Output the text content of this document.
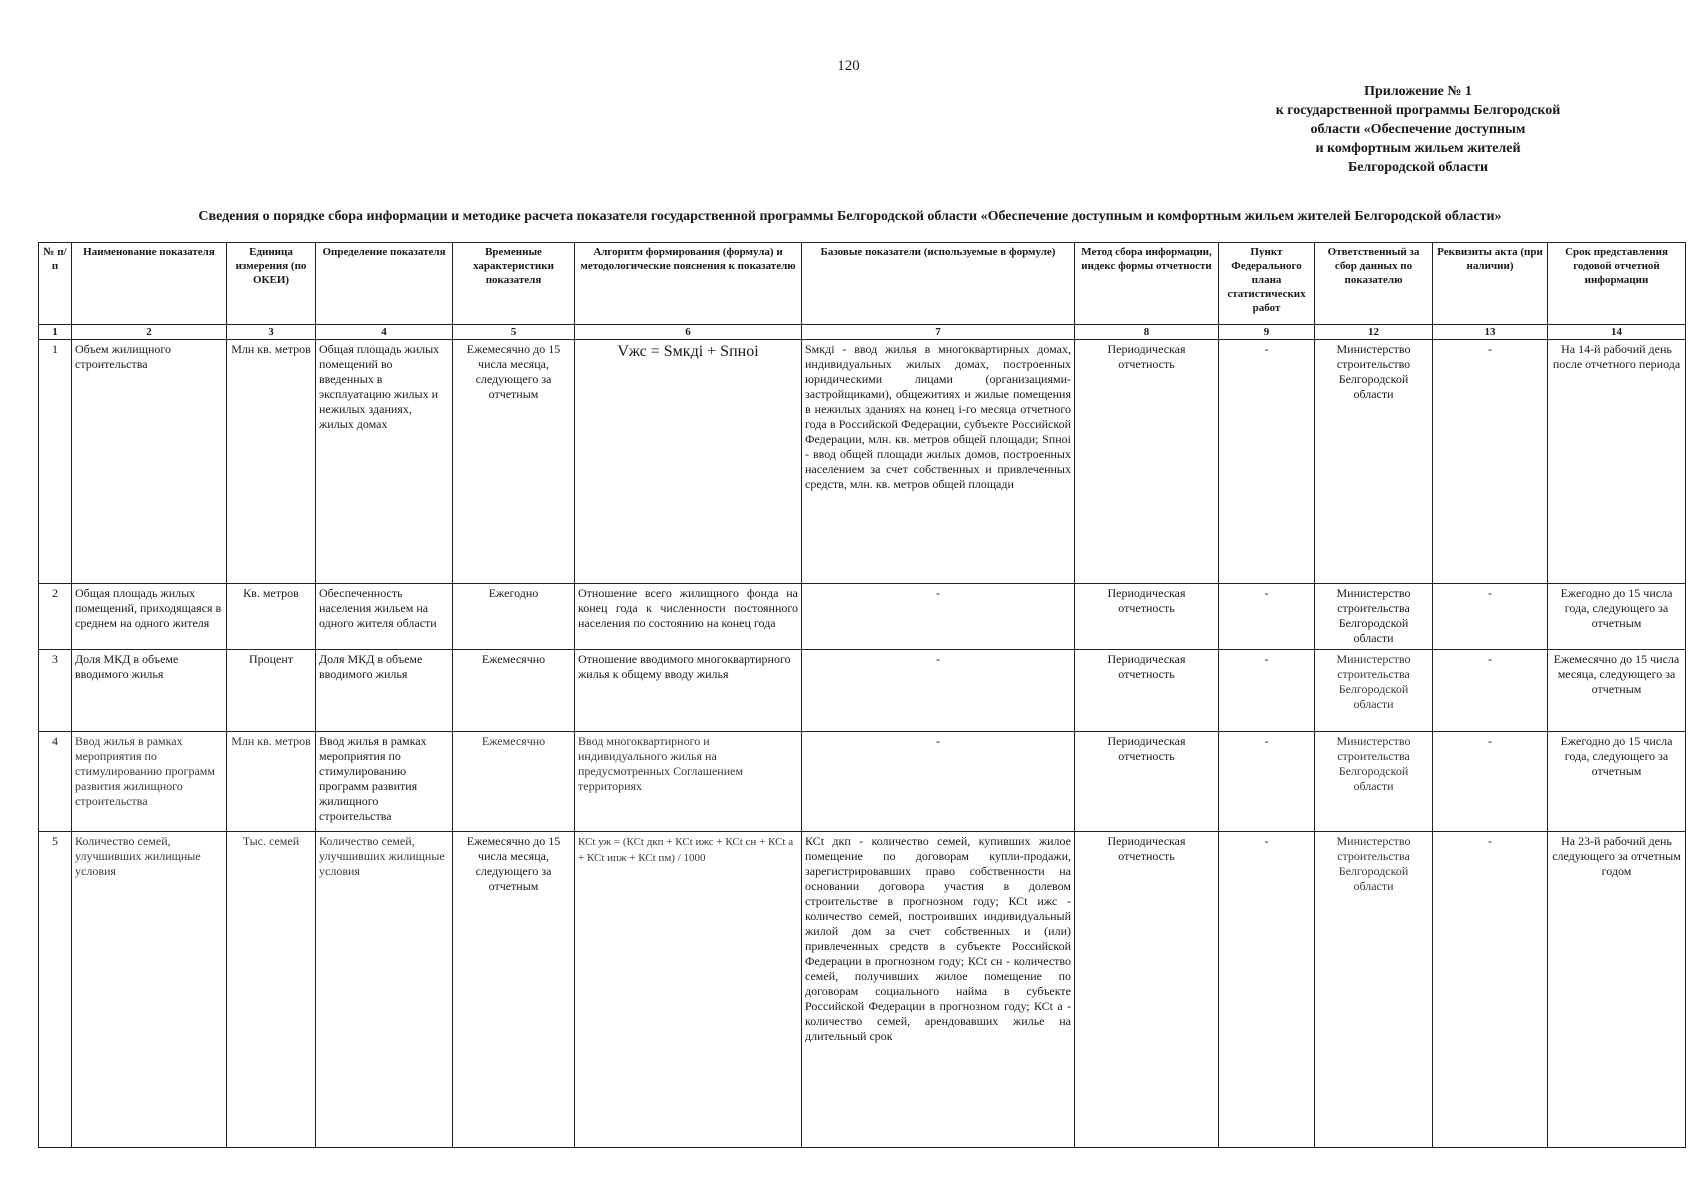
120
Приложение № 1
к государственной программы Белгородской
области «Обеспечение доступным
и комфортным жильем жителей
Белгородской области
Сведения о порядке сбора информации и методике расчета показателя государственной программы Белгородской области «Обеспечение доступным и комфортным жильем жителей Белгородской области»
№ п/п	Наименование показателя	Единица измерения (по ОКЕИ)	Определение показателя	Временные характеристики показателя	Алгоритм формирования (формула) и методологические пояснения к показателю	Базовые показатели (используемые в формуле)	Метод сбора информации, индекс формы отчетности	Пункт Федерального плана статистических работ	Ответственный за сбор данных по показателю	Реквизиты акта (при наличии)	Срок представления годовой отчетной информации
1	2	3	4	5	6	7	8	9	12	13	14
1	Объем жилищного строительства	Млн кв. метров	Общая площадь жилых помещений во введенных в эксплуатацию жилых и нежилых зданиях, жилых домах	Ежемесячно до 15 числа месяца, следующего за отчетным	Vжс = Sмкдi + Sпнoi	Sмкдi - ввод жилья в многоквартирных домах, индивидуальных жилых домах, построенных юридическими лицами (организациями-застройщиками), общежитиях и жилые помещения в нежилых зданиях на конец i-го месяца отчетного года в Российской Федерации, субъекте Российской Федерации, млн. кв. метров общей площади; Sпнoi - ввод общей площади жилых домов, построенных населением за счет собственных и привлеченных средств, млн. кв. метров общей площади	Периодическая отчетность	-	Министерство строительство Белгородской области	-	На 14-й рабочий день после отчетного периода
2	Общая площадь жилых помещений, приходящаяся в среднем на одного жителя	Кв. метров	Обеспеченность населения жильем на одного жителя области	Ежегодно	Отношение всего жилищного фонда на конец года к численности постоянного населения по состоянию на конец года	-	Периодическая отчетность	-	Министерство строительства Белгородской области	-	Ежегодно до 15 числа года, следующего за отчетным
3	Доля МКД в объеме вводимого жилья	Процент	Доля МКД в объеме вводимого жилья	Ежемесячно	Отношение вводимого многоквартирного жилья к общему вводу жилья	-	Периодическая отчетность	-	Министерство строительства Белгородской области	-	Ежемесячно до 15 числа месяца, следующего за отчетным
4	Ввод жилья в рамках мероприятия по стимулированию программ развития жилищного строительства	Млн кв. метров	Ввод жилья в рамках мероприятия по стимулированию программ развития жилищного строительства	Ежемесячно	Ввод многоквартирного и индивидуального жилья на предусмотренных Соглашением территориях	-	Периодическая отчетность	-	Министерство строительства Белгородской области	-	Ежегодно до 15 числа года, следующего за отчетным
5	Количество семей, улучшивших жилищные условия	Тыс. семей	Количество семей, улучшивших жилищные условия	Ежемесячно до 15 числа месяца, следующего за отчетным	КСt уж = (КСt дкп + КСt ижс + КСt сн + КСt а + КСt ипж + КСt пм) / 1000	КСt дкп - количество семей, купивших жилое помещение по договорам купли-продажи, зарегистрировавших право собственности на основании договора участия в долевом строительстве в прогнозном году; КСt ижс - количество семей, построивших индивидуальный жилой дом за счет собственных и (или) привлеченных средств в субъекте Российской Федерации в прогнозном году; КСt сн - количество семей, получивших жилое помещение по договорам социального найма в субъекте Российской Федерации в прогнозном году; КСt а - количество семей, арендовавших жилье на длительный срок	Периодическая отчетность	-	Министерство строительства Белгородской области	-	На 23-й рабочий день следующего за отчетным годом
